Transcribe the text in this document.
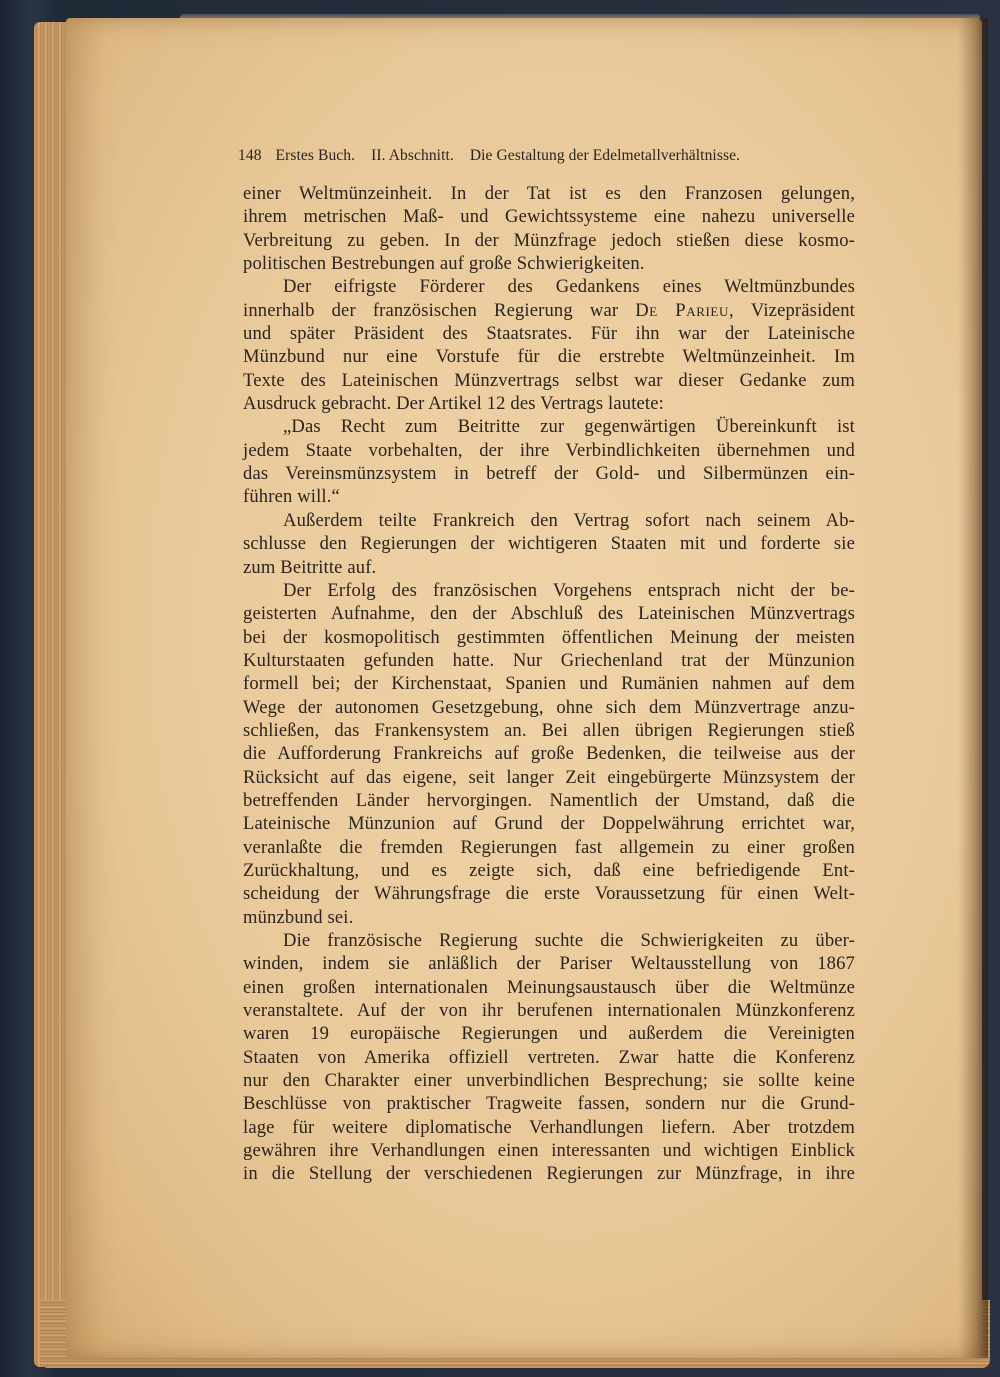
148 Erstes Buch. II. Abschnitt. Die Gestaltung der Edelmetallverhältnisse.
einer Weltmünzeinheit. In der Tat ist es den Franzosen gelungen,
ihrem metrischen Maß- und Gewichtssysteme eine nahezu universelle
Verbreitung zu geben. In der Münzfrage jedoch stießen diese kosmo-
politischen Bestrebungen auf große Schwierigkeiten.
Der eifrigste Förderer des Gedankens eines Weltmünzbundes
innerhalb der französischen Regierung war De Parieu, Vizepräsident
und später Präsident des Staatsrates. Für ihn war der Lateinische
Münzbund nur eine Vorstufe für die erstrebte Weltmünzeinheit. Im
Texte des Lateinischen Münzvertrags selbst war dieser Gedanke zum
Ausdruck gebracht. Der Artikel 12 des Vertrags lautete:
„Das Recht zum Beitritte zur gegenwärtigen Übereinkunft ist
jedem Staate vorbehalten, der ihre Verbindlichkeiten übernehmen und
das Vereinsmünzsystem in betreff der Gold- und Silbermünzen ein-
führen will.“
Außerdem teilte Frankreich den Vertrag sofort nach seinem Ab-
schlusse den Regierungen der wichtigeren Staaten mit und forderte sie
zum Beitritte auf.
Der Erfolg des französischen Vorgehens entsprach nicht der be-
geisterten Aufnahme, den der Abschluß des Lateinischen Münzvertrags
bei der kosmopolitisch gestimmten öffentlichen Meinung der meisten
Kulturstaaten gefunden hatte. Nur Griechenland trat der Münzunion
formell bei; der Kirchenstaat, Spanien und Rumänien nahmen auf dem
Wege der autonomen Gesetzgebung, ohne sich dem Münzvertrage anzu-
schließen, das Frankensystem an. Bei allen übrigen Regierungen stieß
die Aufforderung Frankreichs auf große Bedenken, die teilweise aus der
Rücksicht auf das eigene, seit langer Zeit eingebürgerte Münzsystem der
betreffenden Länder hervorgingen. Namentlich der Umstand, daß die
Lateinische Münzunion auf Grund der Doppelwährung errichtet war,
veranlaßte die fremden Regierungen fast allgemein zu einer großen
Zurückhaltung, und es zeigte sich, daß eine befriedigende Ent-
scheidung der Währungsfrage die erste Voraussetzung für einen Welt-
münzbund sei.
Die französische Regierung suchte die Schwierigkeiten zu über-
winden, indem sie anläßlich der Pariser Weltausstellung von 1867
einen großen internationalen Meinungsaustausch über die Weltmünze
veranstaltete. Auf der von ihr berufenen internationalen Münzkonferenz
waren 19 europäische Regierungen und außerdem die Vereinigten
Staaten von Amerika offiziell vertreten. Zwar hatte die Konferenz
nur den Charakter einer unverbindlichen Besprechung; sie sollte keine
Beschlüsse von praktischer Tragweite fassen, sondern nur die Grund-
lage für weitere diplomatische Verhandlungen liefern. Aber trotzdem
gewähren ihre Verhandlungen einen interessanten und wichtigen Einblick
in die Stellung der verschiedenen Regierungen zur Münzfrage, in ihre
